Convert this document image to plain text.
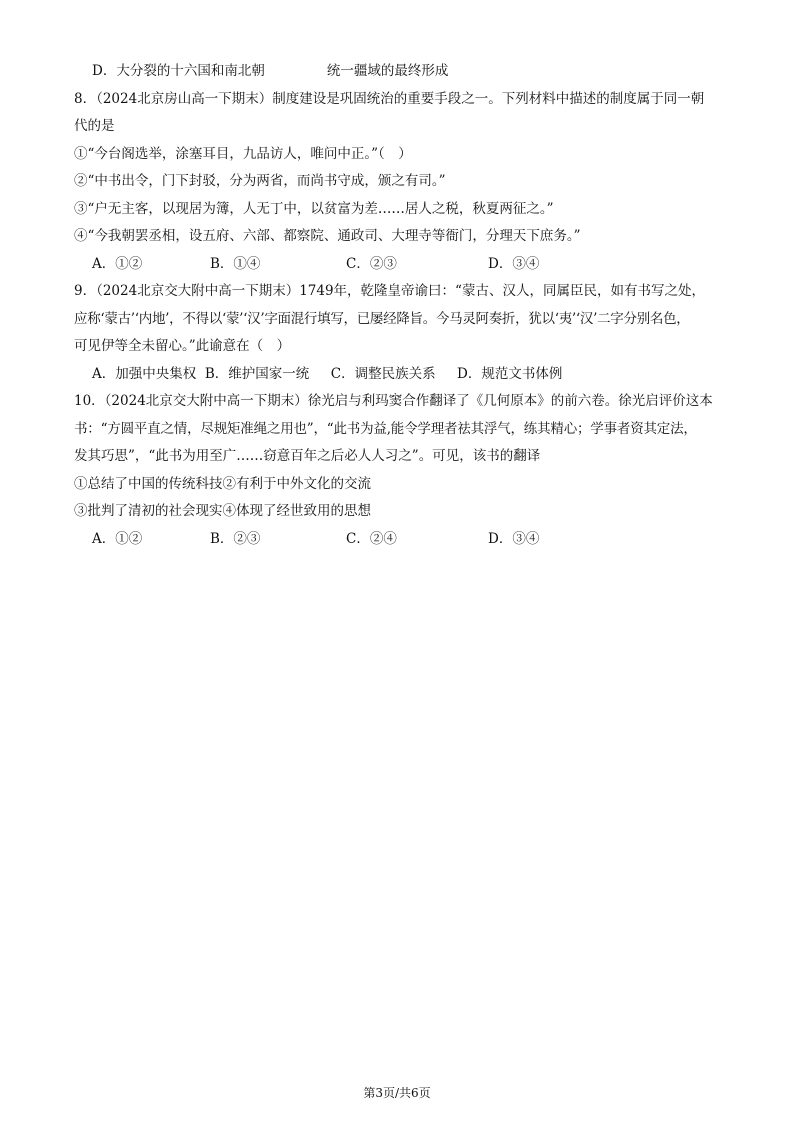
D．大分裂的十六国和南北朝	统一疆域的最终形成
8．（2024北京房山高一下期末）制度建设是巩固统治的重要手段之一。下列材料中描述的制度属于同一朝
代的是
①“今台阁选举，涂塞耳目，九品访人，唯问中正。”（　）
②“中书出令，门下封驳，分为两省，而尚书守成，颁之有司。”
③“户无主客，以现居为簿，人无丁中，以贫富为差……居人之税，秋夏两征之。”
④“今我朝罢丞相，设五府、六部、都察院、通政司、大理寺等衙门，分理天下庶务。”
A．①②	B．①④	C．②③	D．③④
9．（2024北京交大附中高一下期末）1749年，乾隆皇帝谕曰：“蒙古、汉人，同属臣民，如有书写之处，
应称‘蒙古’‘内地’，不得以‘蒙’‘汉’字面混行填写，已屡经降旨。今马灵阿奏折，犹以‘夷’‘汉’二字分别名色，
可见伊等全未留心。”此谕意在（　）
A．加强中央集权 B．维护国家一统 C．调整民族关系 D．规范文书体例
10．（2024北京交大附中高一下期末）徐光启与利玛窦合作翻译了《几何原本》的前六卷。徐光启评价这本
书：“方圆平直之情，尽规矩准绳之用也”，“此书为益,能令学理者祛其浮气，练其精心；学事者资其定法，
发其巧思”，“此书为用至广……窃意百年之后必人人习之”。可见，该书的翻译
①总结了中国的传统科技②有利于中外文化的交流
③批判了清初的社会现实④体现了经世致用的思想
A．①②	B．②③	C．②④	D．③④
第3页/共6页
